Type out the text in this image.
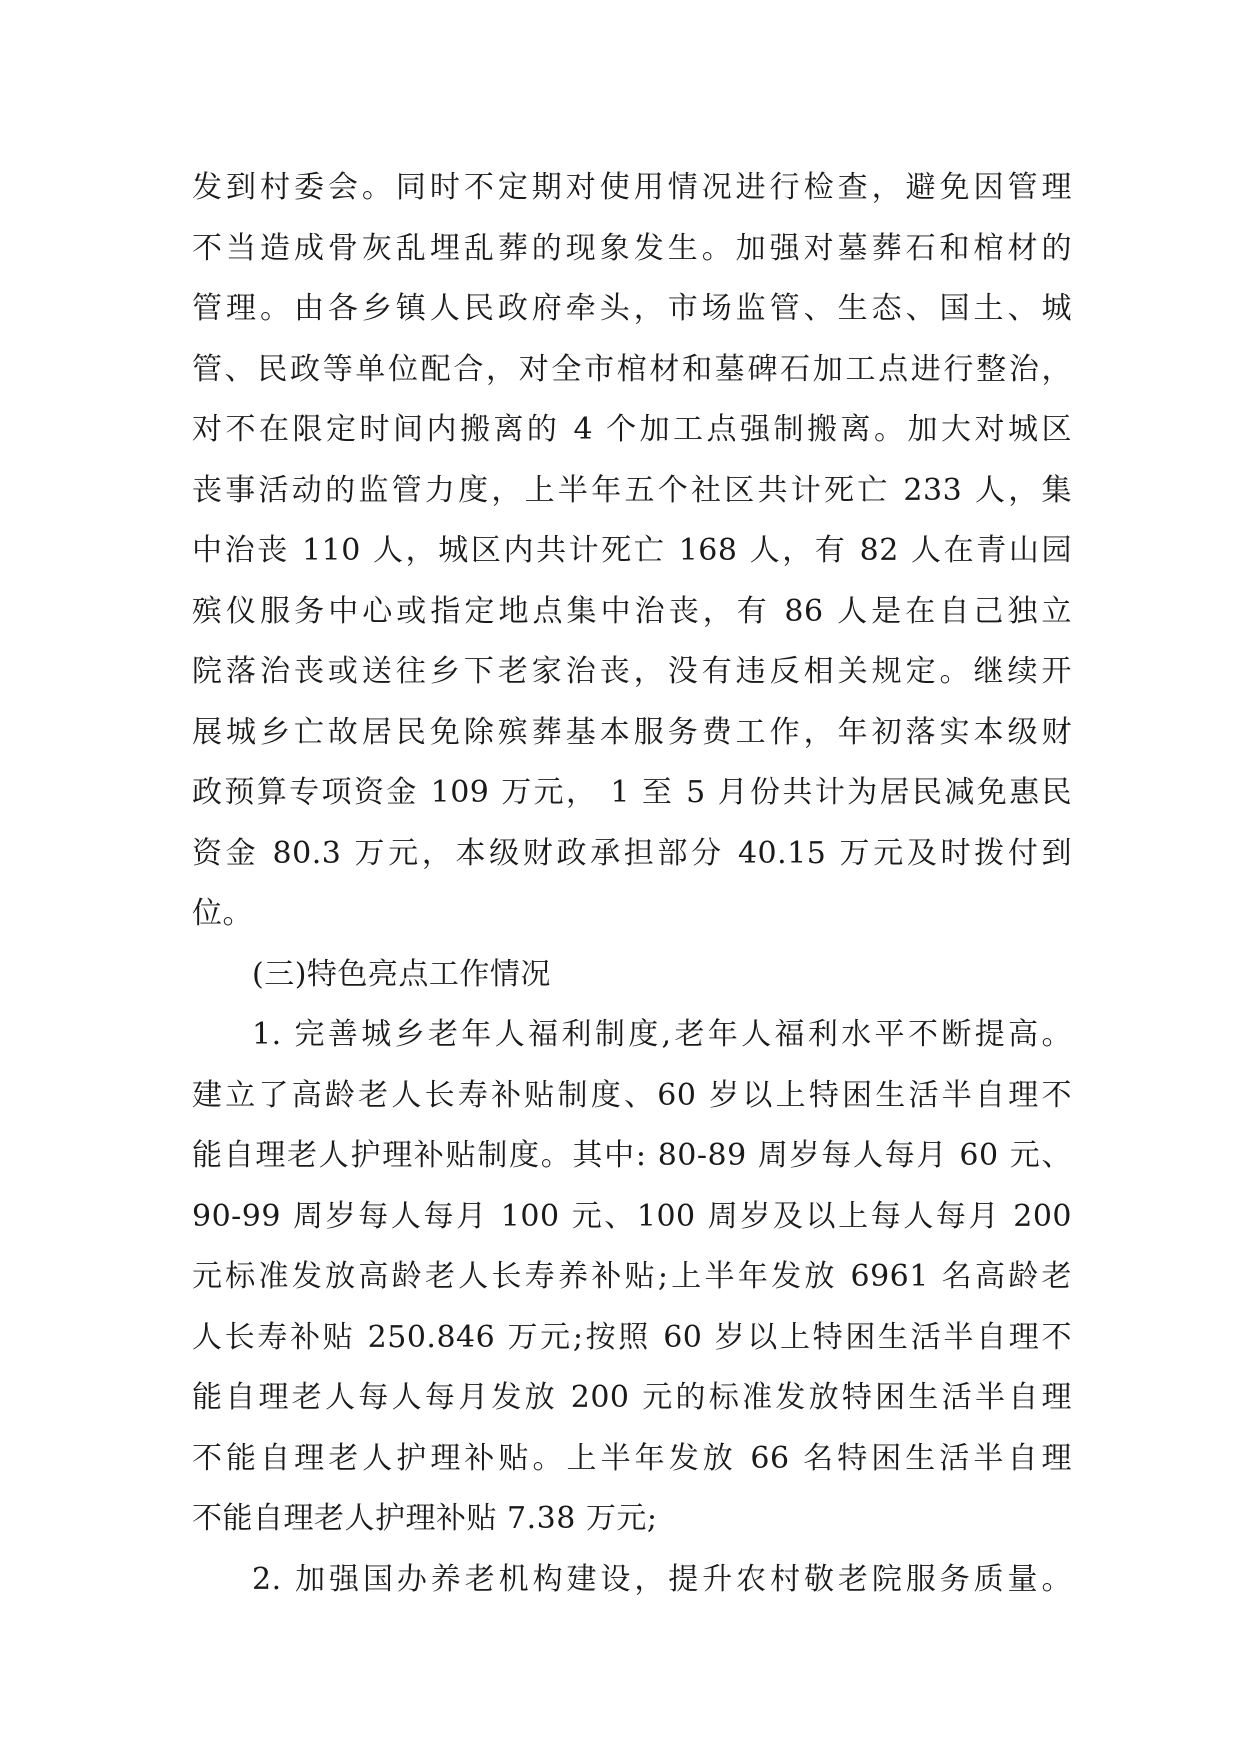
发到村委会。同时不定期对使用情况进行检查，避免因管理
不当造成骨灰乱埋乱葬的现象发生。加强对墓葬石和棺材的
管理。由各乡镇人民政府牵头，市场监管、生态、国土、城
管、民政等单位配合，对全市棺材和墓碑石加工点进行整治，
对不在限定时间内搬离的 4 个加工点强制搬离。加大对城区
丧事活动的监管力度，上半年五个社区共计死亡 233 人，集
中治丧 110 人，城区内共计死亡 168 人，有 82 人在青山园
殡仪服务中心或指定地点集中治丧，有 86 人是在自己独立
院落治丧或送往乡下老家治丧，没有违反相关规定。继续开
展城乡亡故居民免除殡葬基本服务费工作，年初落实本级财
政预算专项资金 109 万元， 1 至 5 月份共计为居民减免惠民
资金 80.3 万元，本级财政承担部分 40.15 万元及时拨付到
位。
(三)特色亮点工作情况
1. 完善城乡老年人福利制度,老年人福利水平不断提高。
建立了高龄老人长寿补贴制度、60 岁以上特困生活半自理不
能自理老人护理补贴制度。其中: 80-89 周岁每人每月 60 元、
90-99 周岁每人每月 100 元、100 周岁及以上每人每月 200
元标准发放高龄老人长寿养补贴;上半年发放 6961 名高龄老
人长寿补贴 250.846 万元;按照 60 岁以上特困生活半自理不
能自理老人每人每月发放 200 元的标准发放特困生活半自理
不能自理老人护理补贴。上半年发放 66 名特困生活半自理
不能自理老人护理补贴 7.38 万元;
2. 加强国办养老机构建设，提升农村敬老院服务质量。
